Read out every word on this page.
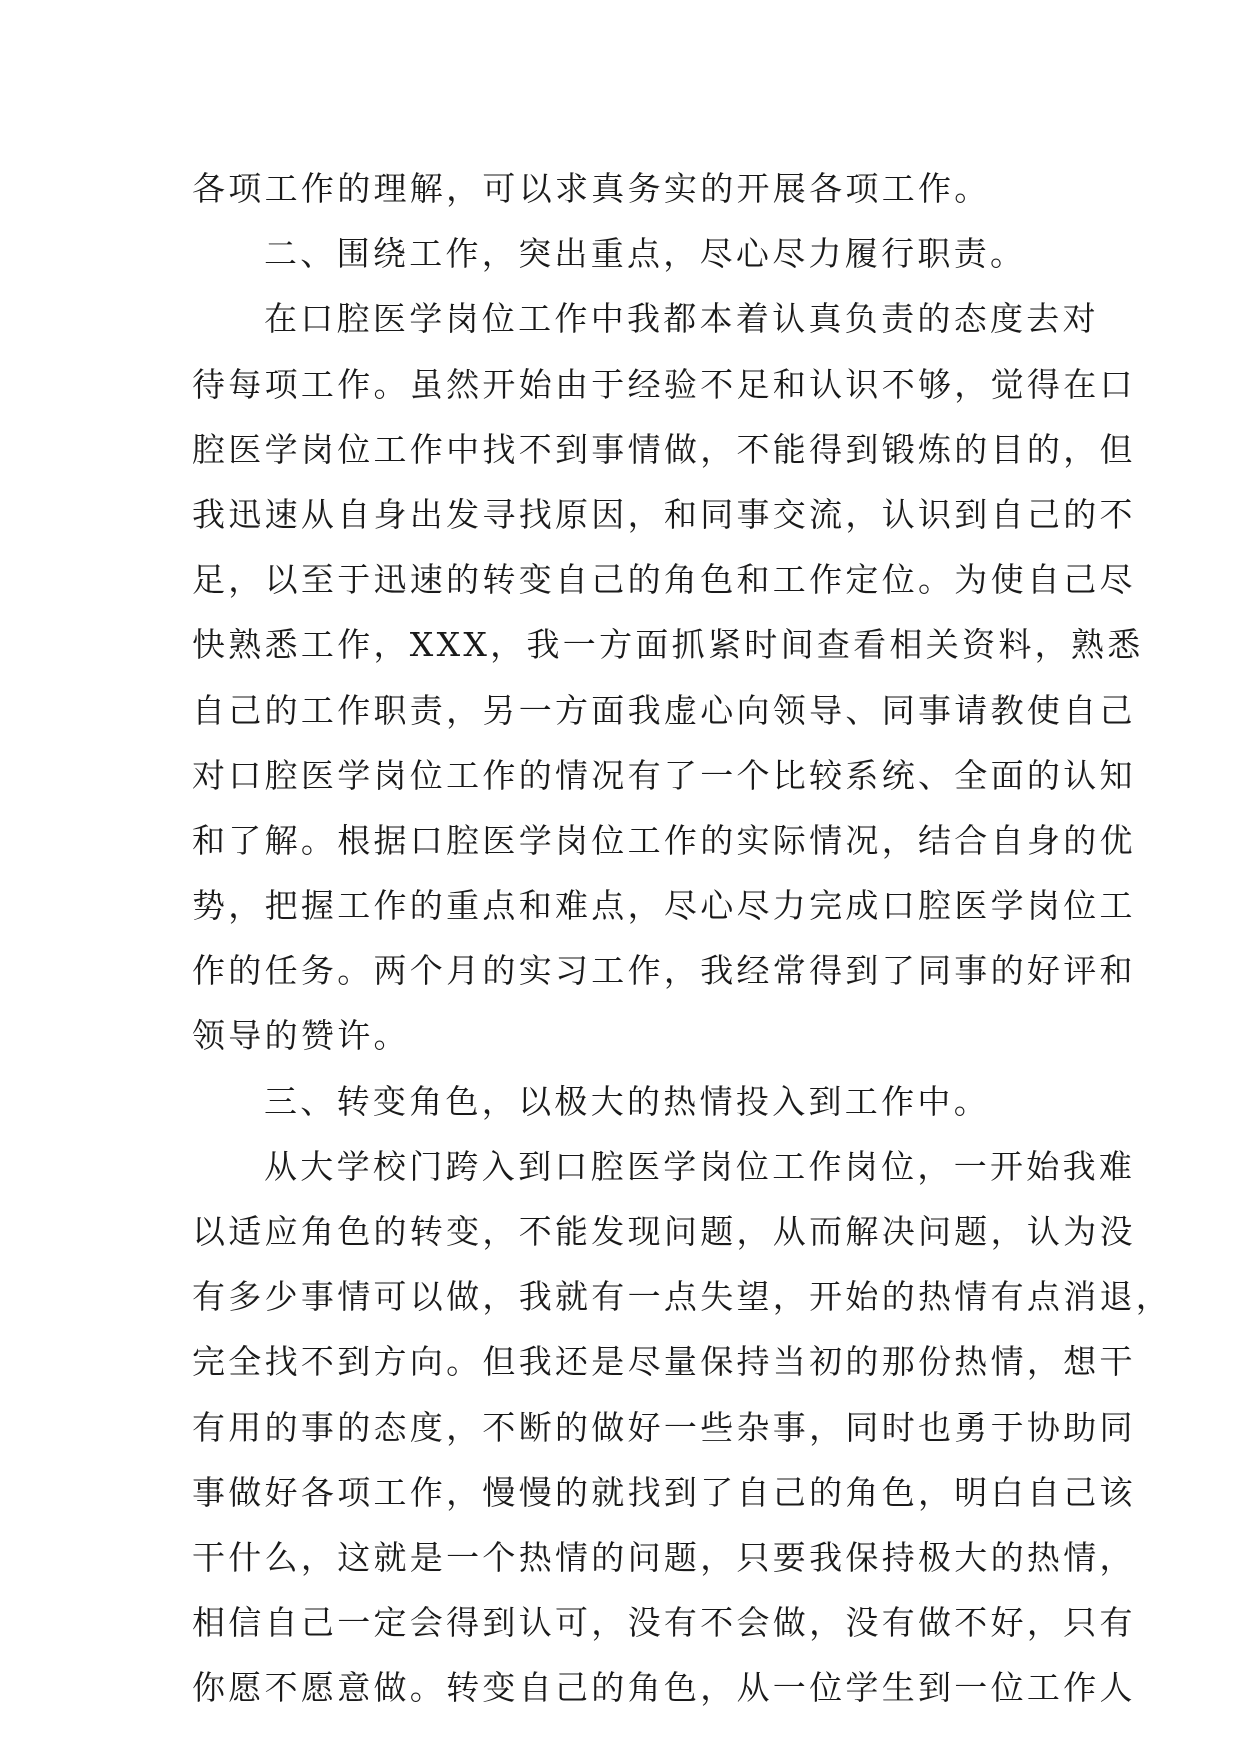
各项工作的理解，可以求真务实的开展各项工作。
二、围绕工作，突出重点，尽心尽力履行职责。
在口腔医学岗位工作中我都本着认真负责的态度去对
待每项工作。虽然开始由于经验不足和认识不够，觉得在口
腔医学岗位工作中找不到事情做，不能得到锻炼的目的，但
我迅速从自身出发寻找原因，和同事交流，认识到自己的不
足，以至于迅速的转变自己的角色和工作定位。为使自己尽
快熟悉工作，XXX，我一方面抓紧时间查看相关资料，熟悉
自己的工作职责，另一方面我虚心向领导、同事请教使自己
对口腔医学岗位工作的情况有了一个比较系统、全面的认知
和了解。根据口腔医学岗位工作的实际情况，结合自身的优
势，把握工作的重点和难点，尽心尽力完成口腔医学岗位工
作的任务。两个月的实习工作，我经常得到了同事的好评和
领导的赞许。
三、转变角色，以极大的热情投入到工作中。
从大学校门跨入到口腔医学岗位工作岗位，一开始我难
以适应角色的转变，不能发现问题，从而解决问题，认为没
有多少事情可以做，我就有一点失望，开始的热情有点消退，
完全找不到方向。但我还是尽量保持当初的那份热情，想干
有用的事的态度，不断的做好一些杂事，同时也勇于协助同
事做好各项工作，慢慢的就找到了自己的角色，明白自己该
干什么，这就是一个热情的问题，只要我保持极大的热情，
相信自己一定会得到认可，没有不会做，没有做不好，只有
你愿不愿意做。转变自己的角色，从一位学生到一位工作人
